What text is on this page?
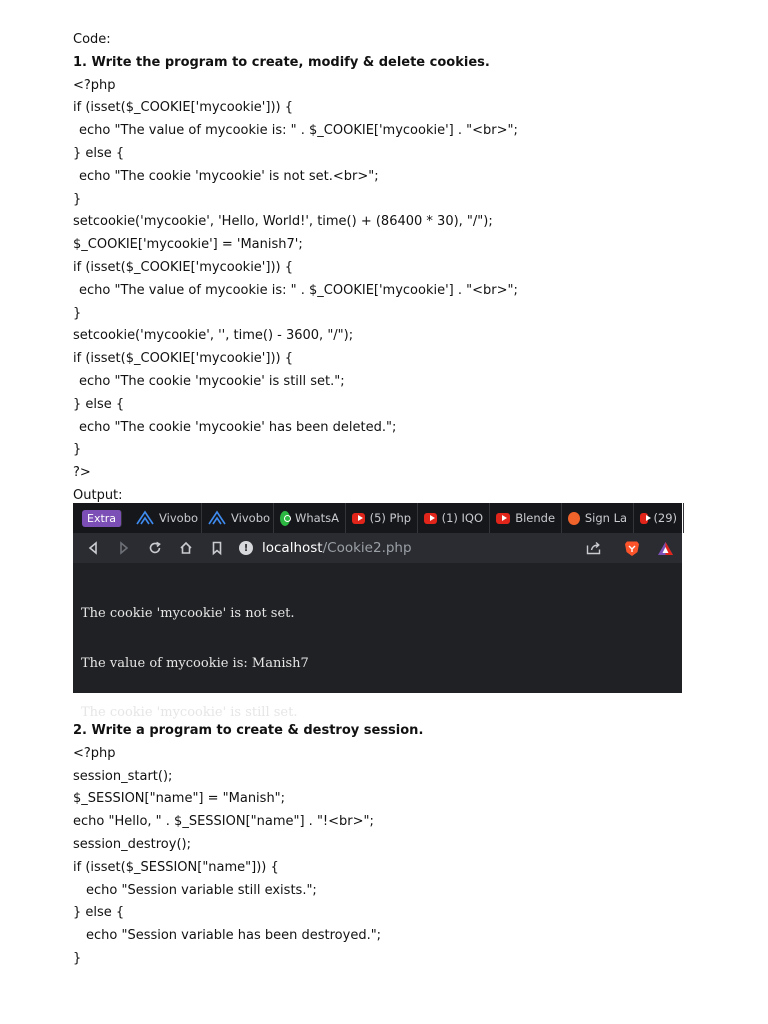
Code:
1. Write the program to create, modify & delete cookies.
<?php
if (isset($_COOKIE['mycookie'])) {
echo "The value of mycookie is: " . $_COOKIE['mycookie'] . "<br>";
} else {
echo "The cookie 'mycookie' is not set.<br>";
}
setcookie('mycookie', 'Hello, World!', time() + (86400 * 30), "/");
$_COOKIE['mycookie'] = 'Manish7';
if (isset($_COOKIE['mycookie'])) {
echo "The value of mycookie is: " . $_COOKIE['mycookie'] . "<br>";
}
setcookie('mycookie', '', time() - 3600, "/");
if (isset($_COOKIE['mycookie'])) {
echo "The cookie 'mycookie' is still set.";
} else {
echo "The cookie 'mycookie' has been deleted.";
}
?>
Output:
Extra	Vivobo	Vivobo WhatsA	(5) Php	(1) IQO	Blende	Sign La (29)
!	localhost /Cookie2.php

The cookie 'mycookie' is not set.

The value of mycookie is: Manish7

The cookie 'mycookie' is still set.

2. Write a program to create & destroy session.
<?php
session_start();
$_SESSION["name"] = "Manish";
echo "Hello, " . $_SESSION["name"] . "!<br>";
session_destroy();
if (isset($_SESSION["name"])) {
echo "Session variable still exists.";
} else {
echo "Session variable has been destroyed.";
}
